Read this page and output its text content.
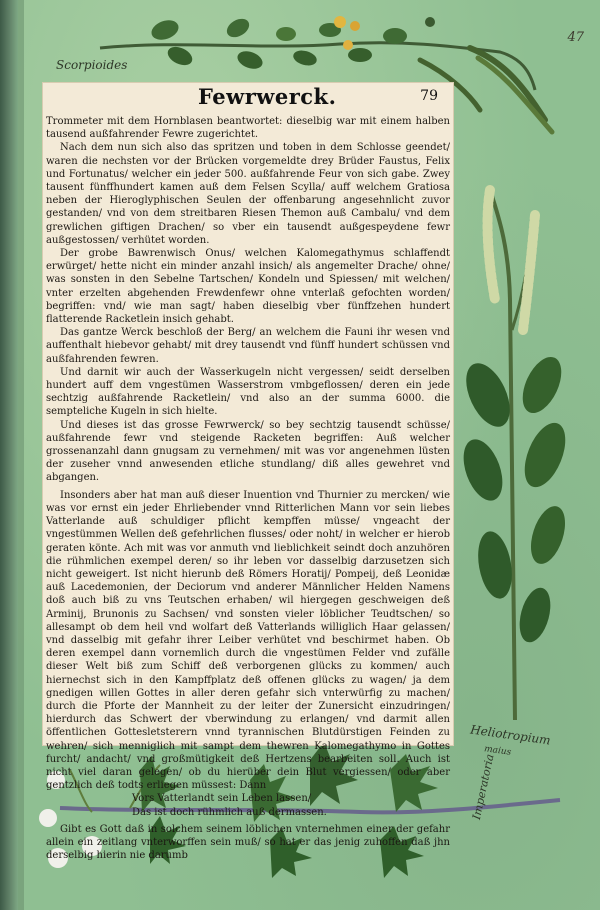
Scorpioides
Heliotropium
maius
Imperatoria
47
Fewrwerck.	79

Trommeter mit dem Hornblasen beantwortet: dieselbig war mit einem halben tausend außfahrender Fewre zugerichtet.

Nach dem nun sich also das spritzen und toben in dem Schlosse geendet/ waren die nechsten vor der Brücken vorgemeldte drey Brüder Faustus, Felix und Fortunatus/ welcher ein jeder 500. außfahrende Feur von sich gabe. Zwey tausent fünffhundert kamen auß dem Felsen Scylla/ auff welchem Gratiosa neben der Hieroglyphischen Seulen der offenbarung angesehnlicht zuvor gestanden/ vnd von dem streitbaren Riesen Themon auß Cambalu/ vnd dem grewlichen giftigen Drachen/ so vber ein tausendt außgespeydene fewr außgestossen/ verhütet worden.

Der grobe Bawrenwisch Onus/ welchen Kalomegathymus schlaffendt erwürget/ hette nicht ein minder anzahl insich/ als angemelter Drache/ ohne/ was sonsten in den Sebelne Tartschen/ Kondeln und Spiessen/ mit welchen/ vnter erzelten abgehenden Frewdenfewr ohne vnterlaß gefochten worden/ begriffen: vnd/ wie man sagt/ haben dieselbig vber fünffzehen hundert flatterende Racketlein insich gehabt.

Das gantze Werck beschloß der Berg/ an welchem die Fauni ihr wesen vnd auffenthalt hiebevor gehabt/ mit drey tausendt vnd fünff hundert schüssen vnd außfahrenden fewren.

Und darnit wir auch der Wasserkugeln nicht vergessen/ seidt derselben hundert auff dem vngestümen Wasserstrom vmbgeflossen/ deren ein jede sechtzig außfahrende Racketlein/ vnd also an der summa 6000. die sempteliche Kugeln in sich hielte.

Und dieses ist das grosse Fewrwerck/ so bey sechtzig tausendt schüsse/ außfahrende fewr vnd steigende Racketen begriffen: Auß welcher grossenanzahl dann gnugsam zu vernehmen/ mit was vor angenehmen lüsten der zuseher vnnd anwesenden etliche stundlang/ diß alles gewehret vnd abgangen.

Insonders aber hat man auß dieser Inuention vnd Thurnier zu mercken/ wie was vor ernst ein jeder Ehrliebender vnnd Ritterlichen Mann vor sein liebes Vatterlande auß schuldiger pflicht kempffen müsse/ vngeacht der vngestümmen Wellen deß gefehrlichen flusses/ oder noht/ in welcher er hierob geraten könte. Ach mit was vor anmuth vnd lieblichkeit seindt doch anzuhören die rühmlichen exempel deren/ so ihr leben vor dasselbig darzusetzen sich nicht geweigert. Ist nicht hierunb deß Römers Horatij/ Pompeij, deß Leonidæ auß Lacedemonien, der Deciorum vnd anderer Männlicher Helden Namens doß auch biß zu vns Teutschen erhaben/ wil hiergegen geschweigen deß Arminij, Brunonis zu Sachsen/ vnd sonsten vieler löblicher Teudtschen/ so allesampt ob dem heil vnd wolfart deß Vatterlands williglich Haar gelassen/ vnd dasselbig mit gefahr ihrer Leiber verhütet vnd beschirmet haben. Ob deren exempel dann vornemlich durch die vngestümen Felder vnd zufälle dieser Welt biß zum Schiff deß verborgenen glücks zu kommen/ auch hiernechst sich in den Kampffplatz deß offenen glücks zu wagen/ ja dem gnedigen willen Gottes in aller deren gefahr sich vnterwürfig zu machen/ durch die Pforte der Mannheit zu der leiter der Zunersicht einzudringen/ hierdurch das Schwert der vberwindung zu erlangen/ vnd darmit allen öffentlichen Gottesletsterern vnnd tyrannischen Blutdürstigen Feinden zu wehren/ sich menniglich mit sampt dem thewren Kalomegathymo in Gottes furcht/ andacht/ vnd großmütigkeit deß Hertzens bearbeiten soll. Auch ist nicht viel daran gelegen/ ob du hierüber dein Blut vergiessen/ oder aber gentzlich deß todts erliegen müssest: Dann

Vors Vatterlandt sein Leben lassen/
Das ist doch rühmlich auß dermassen.

Gibt es Gott daß in solchem seinem löblichen vnternehmen einer der gefahr allein ein zeitlang vnterworffen sein muß/ so hat er das jenig zuhoffen daß jhn derselbig hierin nie darumb
